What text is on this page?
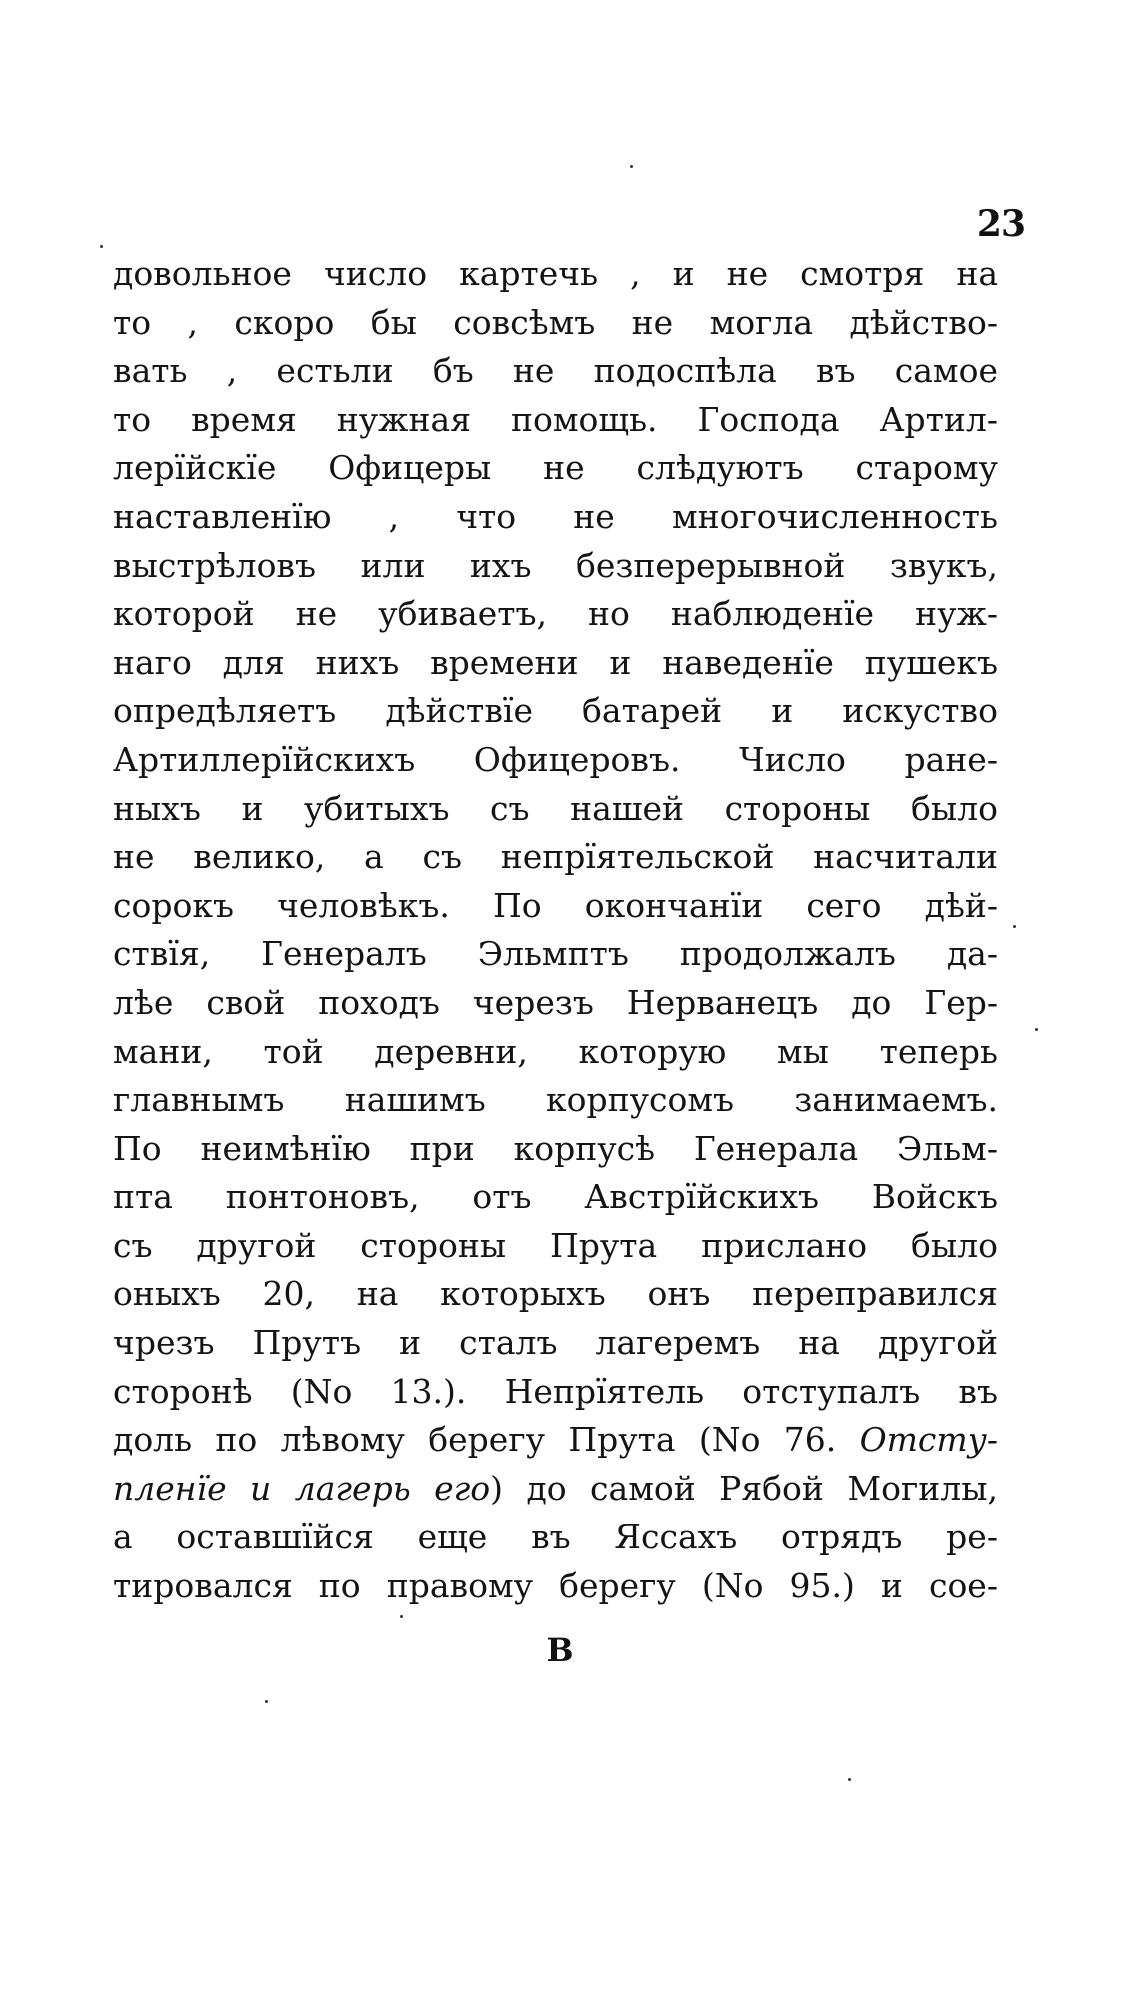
23
довольное число картечь , и не смотря на
то , скоро бы совсѣмъ не могла дѣйство-
вать , естьли бъ не подоспѣла въ самое
то время нужная помощь. Господа Артил-
лерїйскїе Офицеры не слѣдуютъ старому
наставленїю , что не многочисленность
выстрѣловъ или ихъ безперерывной звукъ,
которой не убиваетъ, но наблюденїе нуж-
наго для нихъ времени и наведенїе пушекъ
опредѣляетъ дѣйствїе батарей и искуство
Артиллерїйскихъ Офицеровъ. Число ране-
ныхъ и убитыхъ съ нашей стороны было
не велико, а съ непрїятельской насчитали
сорокъ человѣкъ. По окончанїи сего дѣй-
ствїя, Генералъ Эльмптъ продолжалъ да-
лѣе свой походъ черезъ Нерванецъ до Гер-
мани, той деревни, которую мы теперь
главнымъ нашимъ корпусомъ занимаемъ.
По неимѣнїю при корпусѣ Генерала Эльм-
пта понтоновъ, отъ Австрїйскихъ Войскъ
съ другой стороны Прута прислано было
оныхъ 20, на которыхъ онъ переправился
чрезъ Прутъ и сталъ лагеремъ на другой
сторонѣ (No 13.). Непрїятель отступалъ въ
доль по лѣвому берегу Прута (No 76. Отсту-
пленїе и лагерь его) до самой Рябой Могилы,
а оставшїйся еще въ Яссахъ отрядъ ре-
тировался по правому берегу (No 95.) и сое-
В
